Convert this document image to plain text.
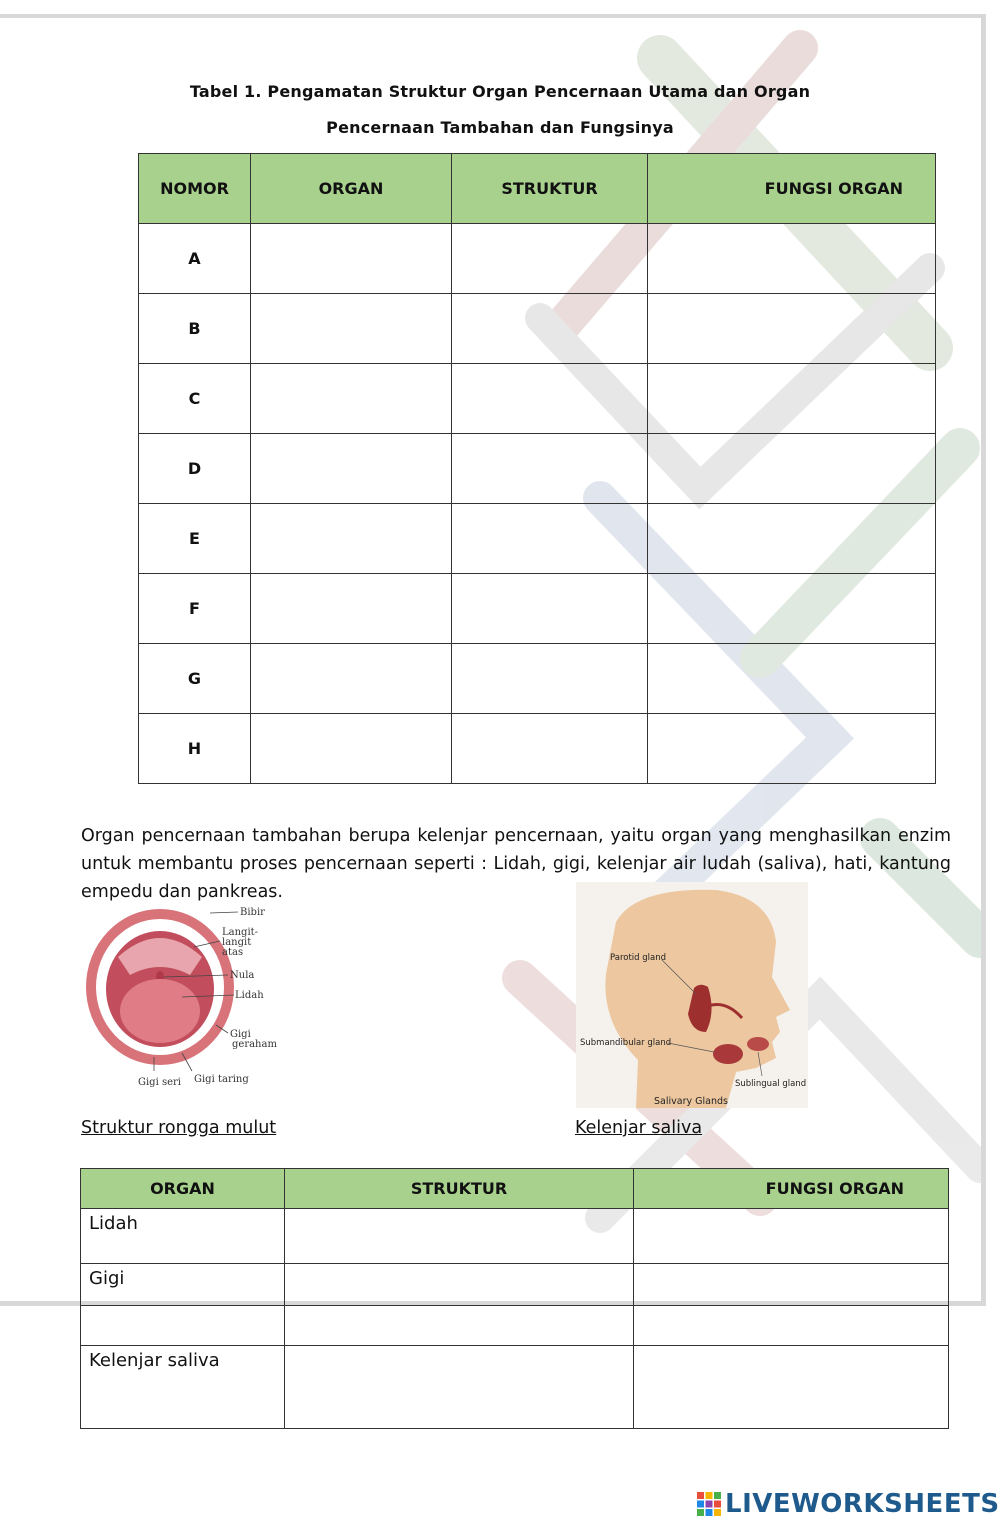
Tabel 1. Pengamatan Struktur Organ Pencernaan Utama dan Organ
Pencernaan Tambahan dan Fungsinya
NOMOR	ORGAN	STRUKTUR	FUNGSI ORGAN
A			
B			
C			
D			
E			
F			
G			
H			
Organ pencernaan tambahan berupa kelenjar pencernaan, yaitu organ yang menghasilkan enzim untuk membantu proses pencernaan seperti : Lidah, gigi, kelenjar air ludah (saliva), hati, kantung empedu dan pankreas.
Bibir
Langit-
langit
atas
Nula
Lidah
Gigi
geraham
Gigi seri Gigi taring
Parotid gland
Submandibular gland
Sublingual gland
Salivary Glands
Struktur rongga mulut	Kelenjar saliva
ORGAN	STRUKTUR	FUNGSI ORGAN
Lidah		
Gigi		

Kelenjar saliva		
LIVEWORKSHEETS
